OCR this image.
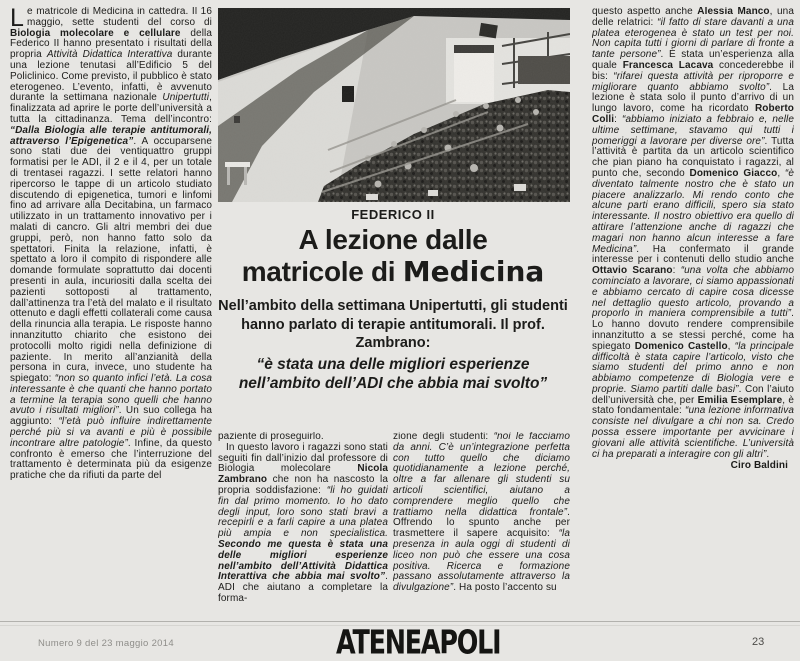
L e matricole di Medicina in cattedra. Il 16 maggio, sette studenti del corso di Biologia molecolare e cellulare della Federico II hanno presentato i risultati della propria Attività Didattica Interattiva durante una lezione tenutasi all’Edificio 5 del Policlinico. Come previsto, il pubblico è stato eterogeneo. L’evento, infatti, è avvenuto durante la settimana nazionale Unipertutti, finalizzata ad aprire le porte dell’università a tutta la cittadinanza. Tema dell’incontro: “Dalla Biologia alle terapie antitumorali, attraverso l’Epigenetica”. A occuparsene sono stati due dei ventiquattro gruppi formatisi per le ADI, il 2 e il 4, per un totale di trentasei ragazzi. I sette relatori hanno ripercorso le tappe di un articolo studiato discutendo di epigenetica, tumori e linfomi fino ad arrivare alla Decitabina, un farmaco utilizzato in un trattamento innovativo per i malati di cancro. Gli altri membri dei due gruppi, però, non hanno fatto solo da spettatori. Finita la relazione, infatti, è spettato a loro il compito di rispondere alle domande formulate soprattutto dai docenti presenti in aula, incuriositi dalla scelta dei pazienti sottoposti al trattamento, dall’attinenza tra l’età del malato e il risultato ottenuto e dagli effetti collaterali come causa della rinuncia alla terapia. Le risposte hanno innanzitutto chiarito che esistono dei protocolli molto rigidi nella definizione di paziente. In merito all’anzianità della persona in cura, invece, uno studente ha spiegato: “non so quanto infici l’età. La cosa interessante è che quanti che hanno portato a termine la terapia sono quelli che hanno avuto i risultati migliori”. Un suo collega ha aggiunto: “l’età può influire indirettamente perché più si va avanti e più è possibile incontrare altre patologie”. Infine, da questo confronto è emerso che l’interruzione del trattamento è determinata più da esigenze pratiche che da rifiuti da parte del

FEDERICO II
A lezione dalle
matricole di Medicina
Nell’ambito della settimana Unipertutti, gli studenti hanno parlato di terapie antitumorali. Il prof. Zambrano:
“è stata una delle migliori esperienze nell’ambito dell’ADI che abbia mai svolto”

paziente di proseguirlo.

In questo lavoro i ragazzi sono stati seguiti fin dall’inizio dal professore di Biologia molecolare Nicola Zambrano che non ha nascosto la propria soddisfazione: “li ho guidati fin dal primo momento. Io ho dato degli input, loro sono stati bravi a recepirli e a farli capire a una platea più ampia e non specialistica. Secondo me questa è stata una delle migliori esperienze nell’ambito dell’Attività Didattica Interattiva che abbia mai svolto”. ADI che aiutano a completare la forma-

zione degli studenti: “noi le facciamo da anni. C’è un’integrazione perfetta con tutto quello che diciamo quotidianamente a lezione perché, oltre a far allenare gli studenti su articoli scientifici, aiutano a comprendere meglio quello che trattiamo nella didattica frontale”. Offrendo lo spunto anche per trasmettere il sapere acquisito: “la presenza in aula oggi di studenti di liceo non può che essere una cosa positiva. Ricerca e formazione passano assolutamente attraverso la divulgazione”. Ha posto l’accento su

questo aspetto anche Alessia Manco, una delle relatrici: “il fatto di stare davanti a una platea eterogenea è stato un test per noi. Non capita tutti i giorni di parlare di fronte a tante persone”. È stata un’esperienza alla quale Francesca Lacava concederebbe il bis: “rifarei questa attività per riproporre e migliorare quanto abbiamo svolto”. La lezione è stata solo il punto d’arrivo di un lungo lavoro, come ha ricordato Roberto Colli: “abbiamo iniziato a febbraio e, nelle ultime settimane, stavamo qui tutti i pomeriggi a lavorare per diverse ore”. Tutta l’attività è partita da un articolo scientifico che pian piano ha conquistato i ragazzi, al punto che, secondo Domenico Giacco, “è diventato talmente nostro che è stato un piacere analizzarlo. Mi rendo conto che alcune parti erano difficili, spero sia stato interessante. Il nostro obiettivo era quello di attirare l’attenzione anche di ragazzi che magari non hanno alcun interesse a fare Medicina”. Ha confermato il grande interesse per i contenuti dello studio anche Ottavio Scarano: “una volta che abbiamo cominciato a lavorare, ci siamo appassionati e abbiamo cercato di capire cosa dicesse nel dettaglio questo articolo, provando a proporlo in maniera comprensibile a tutti”. Lo hanno dovuto rendere comprensibile innanzitutto a se stessi perché, come ha spiegato Domenico Castello, “la principale difficoltà è stata capire l’articolo, visto che siamo studenti del primo anno e non abbiamo competenze di Biologia vere e proprie. Siamo partiti dalle basi”. Con l’aiuto dell’università che, per Emilia Esemplare, è stato fondamentale: “una lezione informativa consiste nel divulgare a chi non sa. Credo possa essere importante per avvicinare i giovani alle attività scientifiche. L’università ci ha preparati a interagire con gli altri”.

Ciro Baldini
Numero 9 del 23 maggio 2014	ATENEAPOLI	23
